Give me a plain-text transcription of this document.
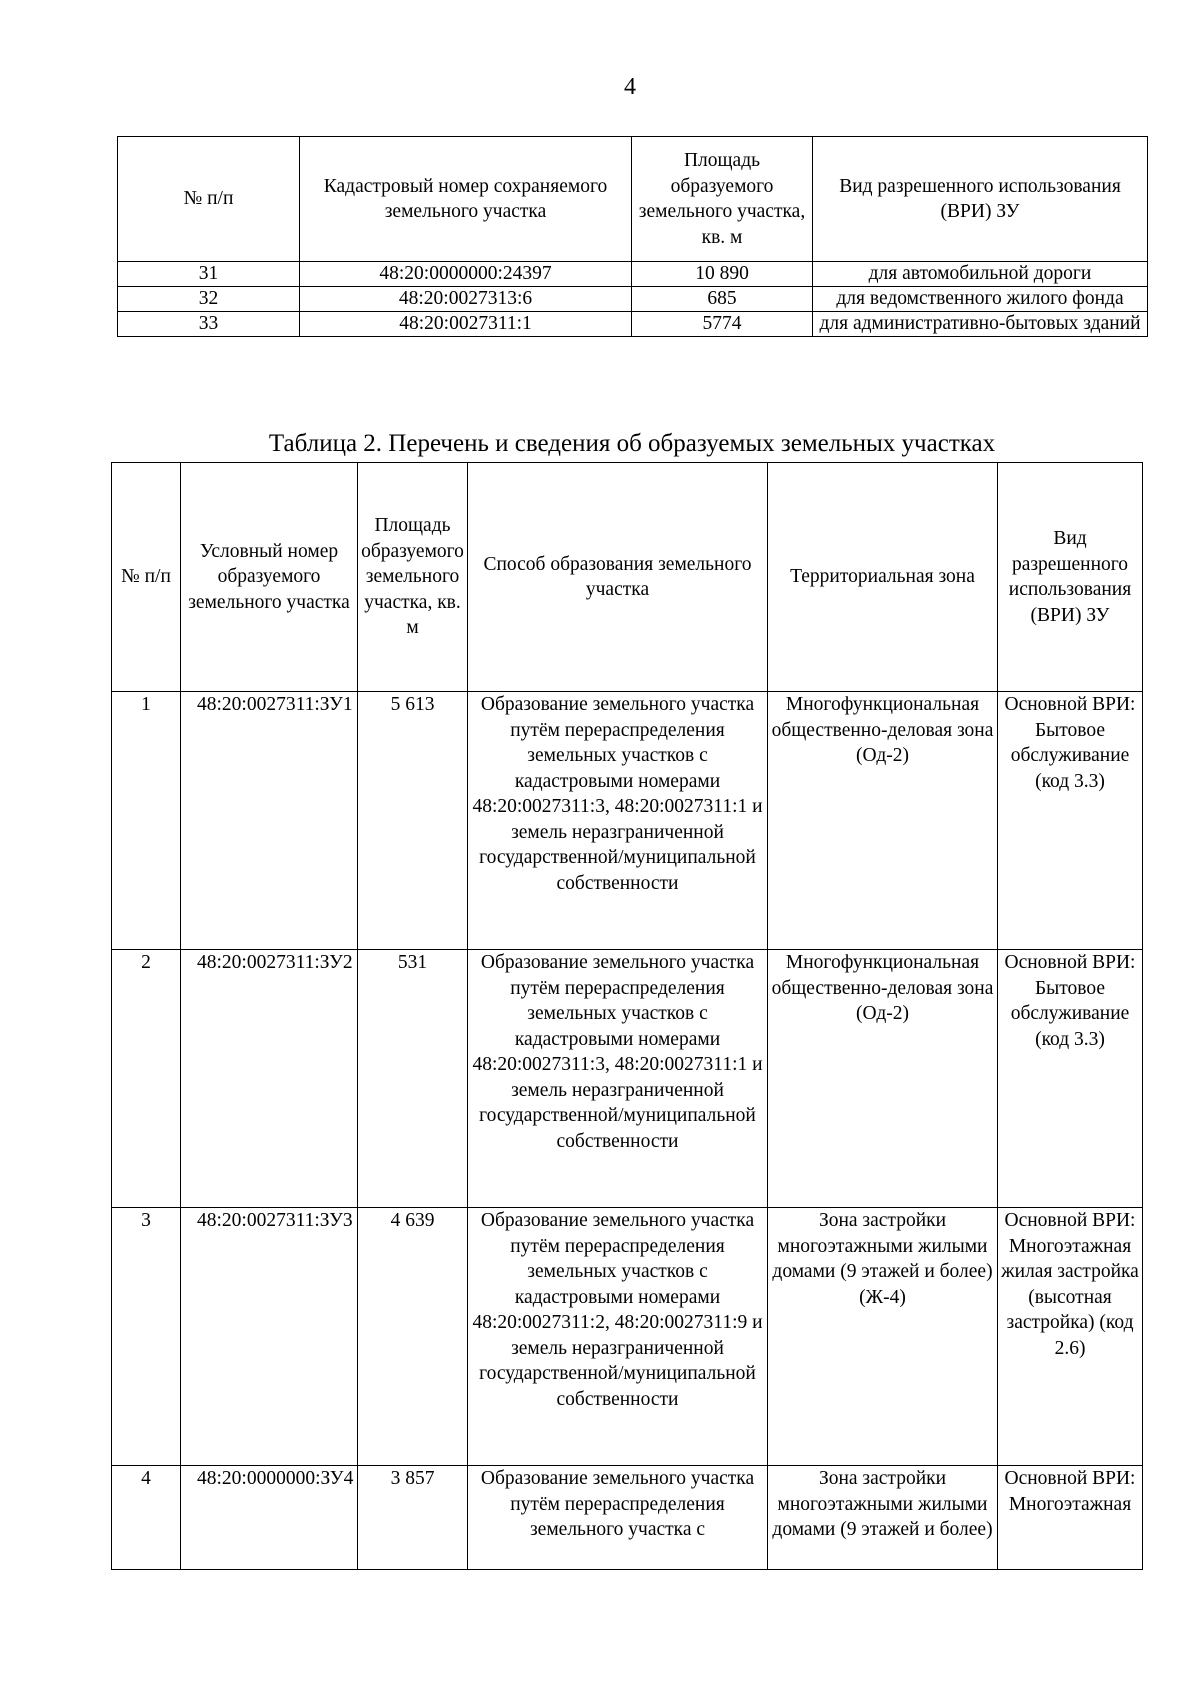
4
№ п/п	Кадастровый номер сохраняемого земельного участка	Площадь образуемого земельного участка, кв. м	Вид разрешенного использования (ВРИ) ЗУ
31	48:20:0000000:24397	10 890	для автомобильной дороги
32	48:20:0027313:6	685	для ведомственного жилого фонда
33	48:20:0027311:1	5774	для административно-бытовых зданий
Таблица 2. Перечень и сведения об образуемых земельных участках
№ п/п	Условный номер образуемого земельного участка	Площадь образуемого земельного участка, кв. м	Способ образования земельного участка	Территориальная зона	Вид разрешенного использования (ВРИ) ЗУ
1	48:20:0027311:ЗУ1	5 613	Образование земельного участка путём перераспределения земельных участков с кадастровыми номерами 48:20:0027311:3, 48:20:0027311:1 и земель неразграниченной государственной/муниципальной собственности	Многофункциональная общественно-деловая зона (Од-2)	Основной ВРИ: Бытовое обслуживание (код 3.3)
2	48:20:0027311:ЗУ2	531	Образование земельного участка путём перераспределения земельных участков с кадастровыми номерами 48:20:0027311:3, 48:20:0027311:1 и земель неразграниченной государственной/муниципальной собственности	Многофункциональная общественно-деловая зона (Од-2)	Основной ВРИ: Бытовое обслуживание (код 3.3)
3	48:20:0027311:ЗУ3	4 639	Образование земельного участка путём перераспределения земельных участков с кадастровыми номерами 48:20:0027311:2, 48:20:0027311:9 и земель неразграниченной государственной/муниципальной собственности	Зона застройки многоэтажными жилыми домами (9 этажей и более) (Ж-4)	Основной ВРИ: Многоэтажная жилая застройка (высотная застройка) (код 2.6)
4	48:20:0000000:ЗУ4	3 857	Образование земельного участка путём перераспределения земельного участка с	Зона застройки многоэтажными жилыми домами (9 этажей и более)	Основной ВРИ: Многоэтажная
